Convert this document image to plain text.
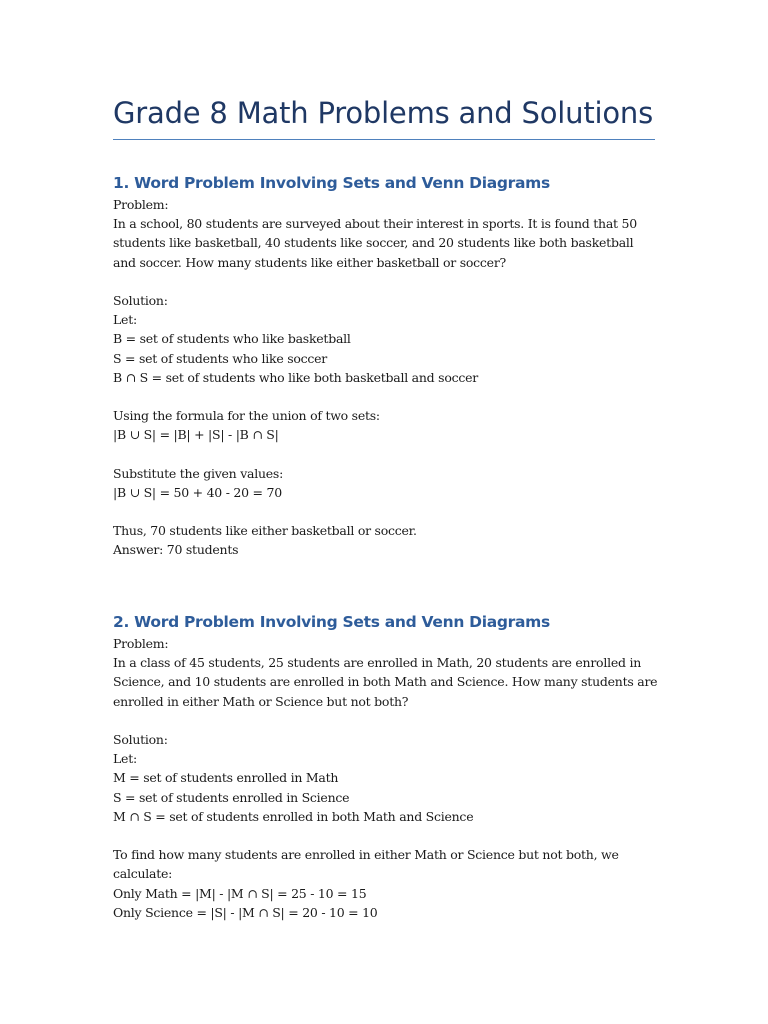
Grade 8 Math Problems and Solutions
1. Word Problem Involving Sets and Venn Diagrams
Problem:
In a school, 80 students are surveyed about their interest in sports. It is found that 50 students like basketball, 40 students like soccer, and 20 students like both basketball and soccer. How many students like either basketball or soccer?
Solution:
Let:
B = set of students who like basketball
S = set of students who like soccer
B ∩ S = set of students who like both basketball and soccer
Using the formula for the union of two sets:
|B ∪ S| = |B| + |S| - |B ∩ S|
Substitute the given values:
|B ∪ S| = 50 + 40 - 20 = 70
Thus, 70 students like either basketball or soccer.
Answer: 70 students
2. Word Problem Involving Sets and Venn Diagrams
Problem:
In a class of 45 students, 25 students are enrolled in Math, 20 students are enrolled in Science, and 10 students are enrolled in both Math and Science. How many students are enrolled in either Math or Science but not both?
Solution:
Let:
M = set of students enrolled in Math
S = set of students enrolled in Science
M ∩ S = set of students enrolled in both Math and Science
To find how many students are enrolled in either Math or Science but not both, we calculate:
Only Math = |M| - |M ∩ S| = 25 - 10 = 15
Only Science = |S| - |M ∩ S| = 20 - 10 = 10
